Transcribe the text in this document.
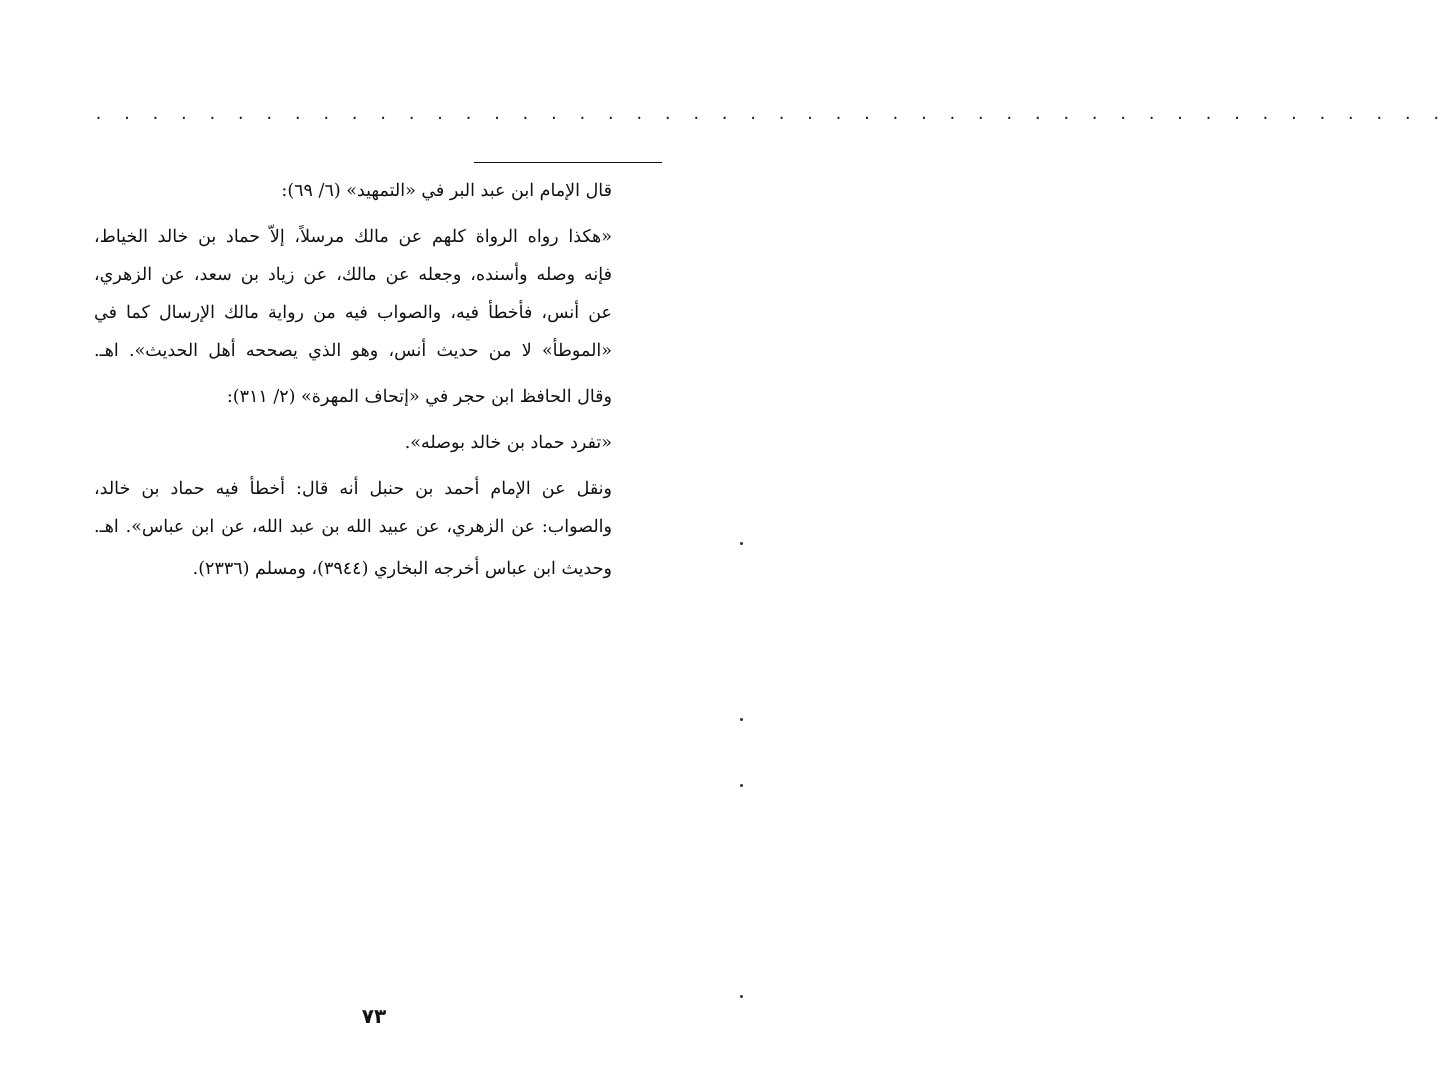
. . . . . . . . . . . . . . . . . . . . . . . . . . . . . . . . . . . . . . . . . . . . . . . .
قال الإمام ابن عبد البر في «التمهيد» (٦/ ٦٩):
«هكذا رواه الرواة كلهم عن مالك مرسلاً، إلاّ حماد بن خالد الخياط،
فإنه وصله وأسنده، وجعله عن مالك، عن زياد بن سعد، عن الزهري،
عن أنس، فأخطأ فيه، والصواب فيه من رواية مالك الإرسال كما في
«الموطأ» لا من حديث أنس، وهو الذي يصححه أهل الحديث». اهـ.
وقال الحافظ ابن حجر في «إتحاف المهرة» (٢/ ٣١١):
«تفرد حماد بن خالد بوصله».
ونقل عن الإمام أحمد بن حنبل أنه قال: أخطأ فيه حماد بن خالد،
والصواب: عن الزهري، عن عبيد الله بن عبد الله، عن ابن عباس». اهـ.
وحديث ابن عباس أخرجه البخاري (٣٩٤٤)، ومسلم (٢٣٣٦).
٧٣
